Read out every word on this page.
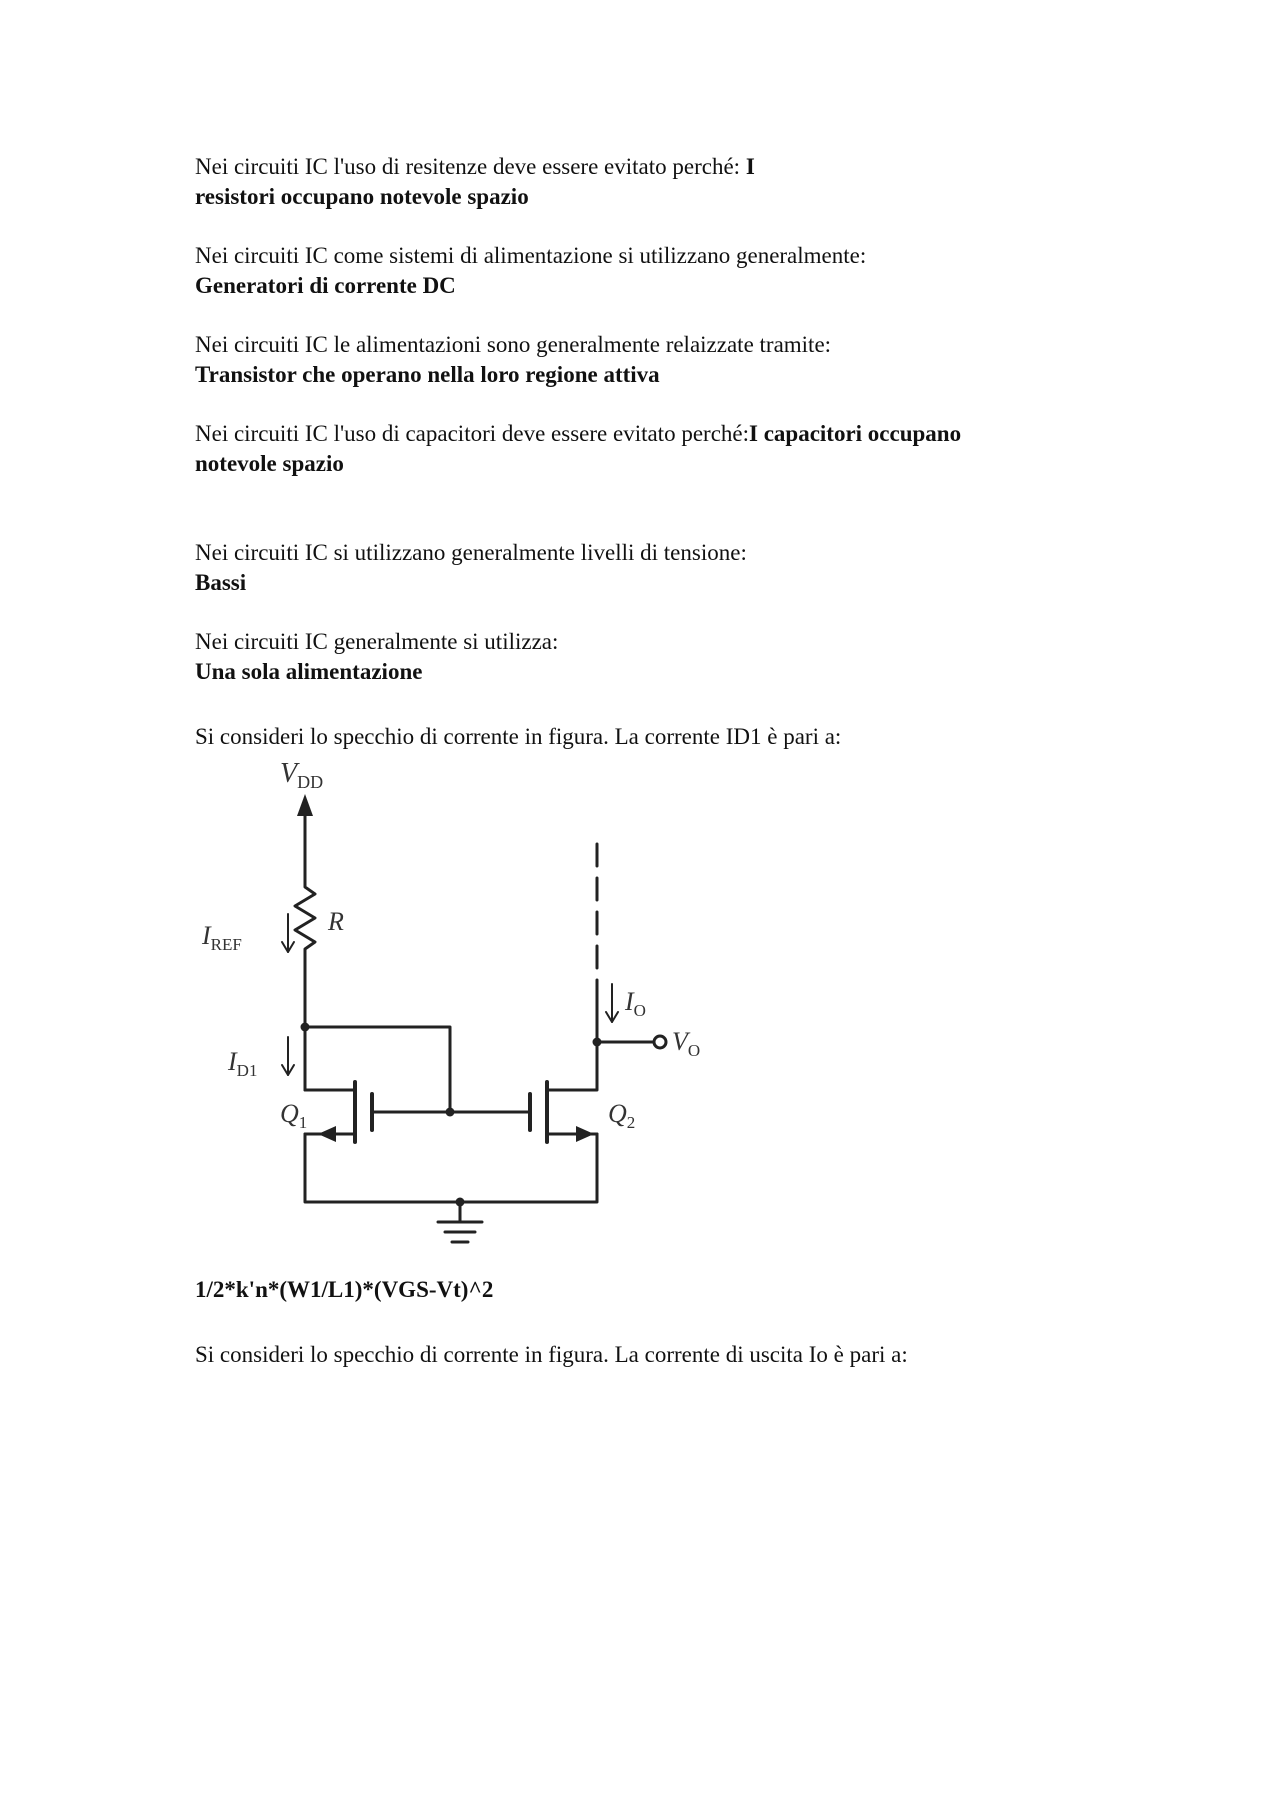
Nei circuiti IC l'uso di resitenze deve essere evitato perché: I
resistori occupano notevole spazio
Nei circuiti IC come sistemi di alimentazione si utilizzano generalmente:
Generatori di corrente DC
Nei circuiti IC le alimentazioni sono generalmente relaizzate tramite:
Transistor che operano nella loro regione attiva
Nei circuiti IC l'uso di capacitori deve essere evitato perché:I capacitori occupano
notevole spazio
Nei circuiti IC si utilizzano generalmente livelli di tensione:
Bassi
Nei circuiti IC generalmente si utilizza:
Una sola alimentazione
Si consideri lo specchio di corrente in figura. La corrente ID1 è pari a:
$V_{DD}$
$I_{REF}$
R
$I_{D1}$
$I_O$
$V_O$
$Q_1$	$Q_2$
1/2*k'n*(W1/L1)*(VGS-Vt)^2
Si consideri lo specchio di corrente in figura. La corrente di uscita Io è pari a:
